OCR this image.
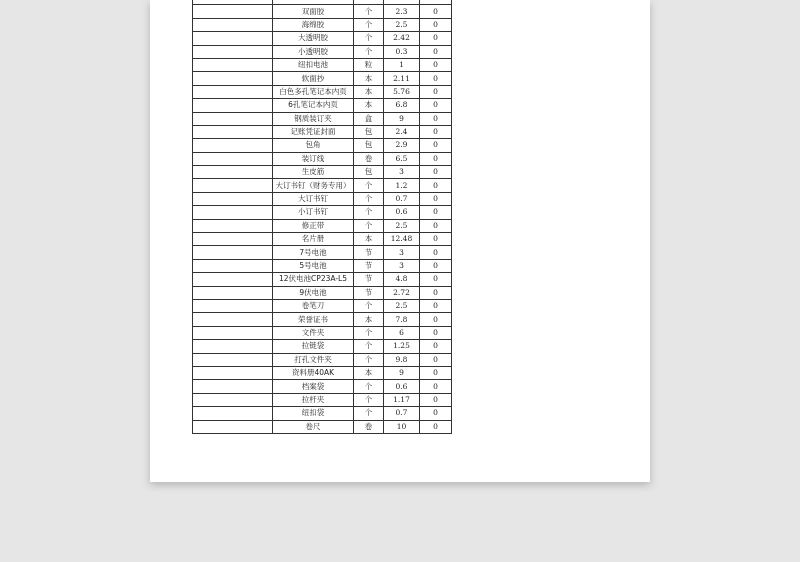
	双面胶	个	2.3	0
	海绵胶	个	2.5	0
	大透明胶	个	2.42	0
	小透明胶	个	0.3	0
	纽扣电池	粒	1	0
	软面抄	本	2.11	0
	白色多孔笔记本内页	本	5.76	0
	6孔笔记本内页	本	6.8	0
	钢质装订夹	盒	9	0
	记账凭证封面	包	2.4	0
	包角	包	2.9	0
	装订线	卷	6.5	0
	生皮筋	包	3	0
	大订书钉（财务专用）	个	1.2	0
	大订书钉	个	0.7	0
	小订书钉	个	0.6	0
	修正带	个	2.5	0
	名片册	本	12.48	0
	7号电池	节	3	0
	5号电池	节	3	0
	12伏电池CP23A-L5	节	4.8	0
	9伏电池	节	2.72	0
	卷笔刀	个	2.5	0
	荣誉证书	本	7.8	0
	文件夹	个	6	0
	拉链袋	个	1.25	0
	打孔文件夹	个	9.8	0
	资料册40AK	本	9	0
	档案袋	个	0.6	0
	拉杆夹	个	1.17	0
	纽扣袋	个	0.7	0
	卷尺	卷	10	0
